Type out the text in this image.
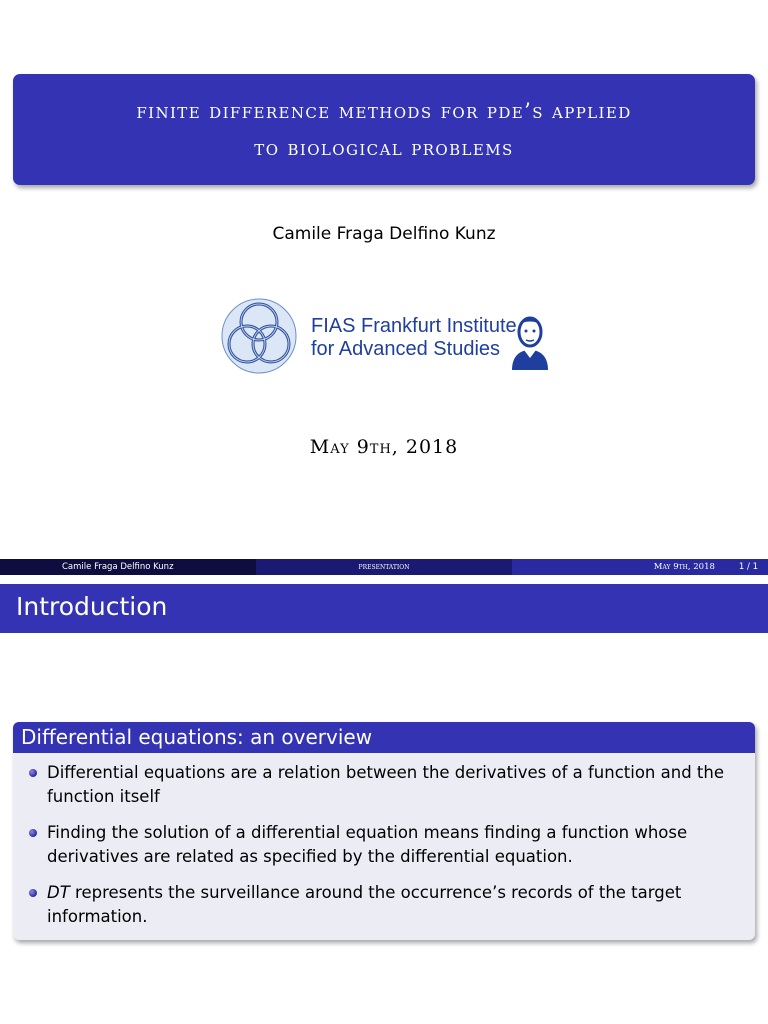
finite difference methods for pde’s applied
to biological problems
Camile Fraga Delfino Kunz
FIAS Frankfurt Institute
for Advanced Studies
May 9th, 2018
Camile Fraga Delfino Kunz	presentation	May 9th, 2018	1 / 1
Introduction
Differential equations: an overview
Differential equations are a relation between the derivatives of a function and the function itself
Finding the solution of a differential equation means finding a function whose derivatives are related as specified by the differential equation.
DT represents the surveillance around the occurrence’s records of the target information.
